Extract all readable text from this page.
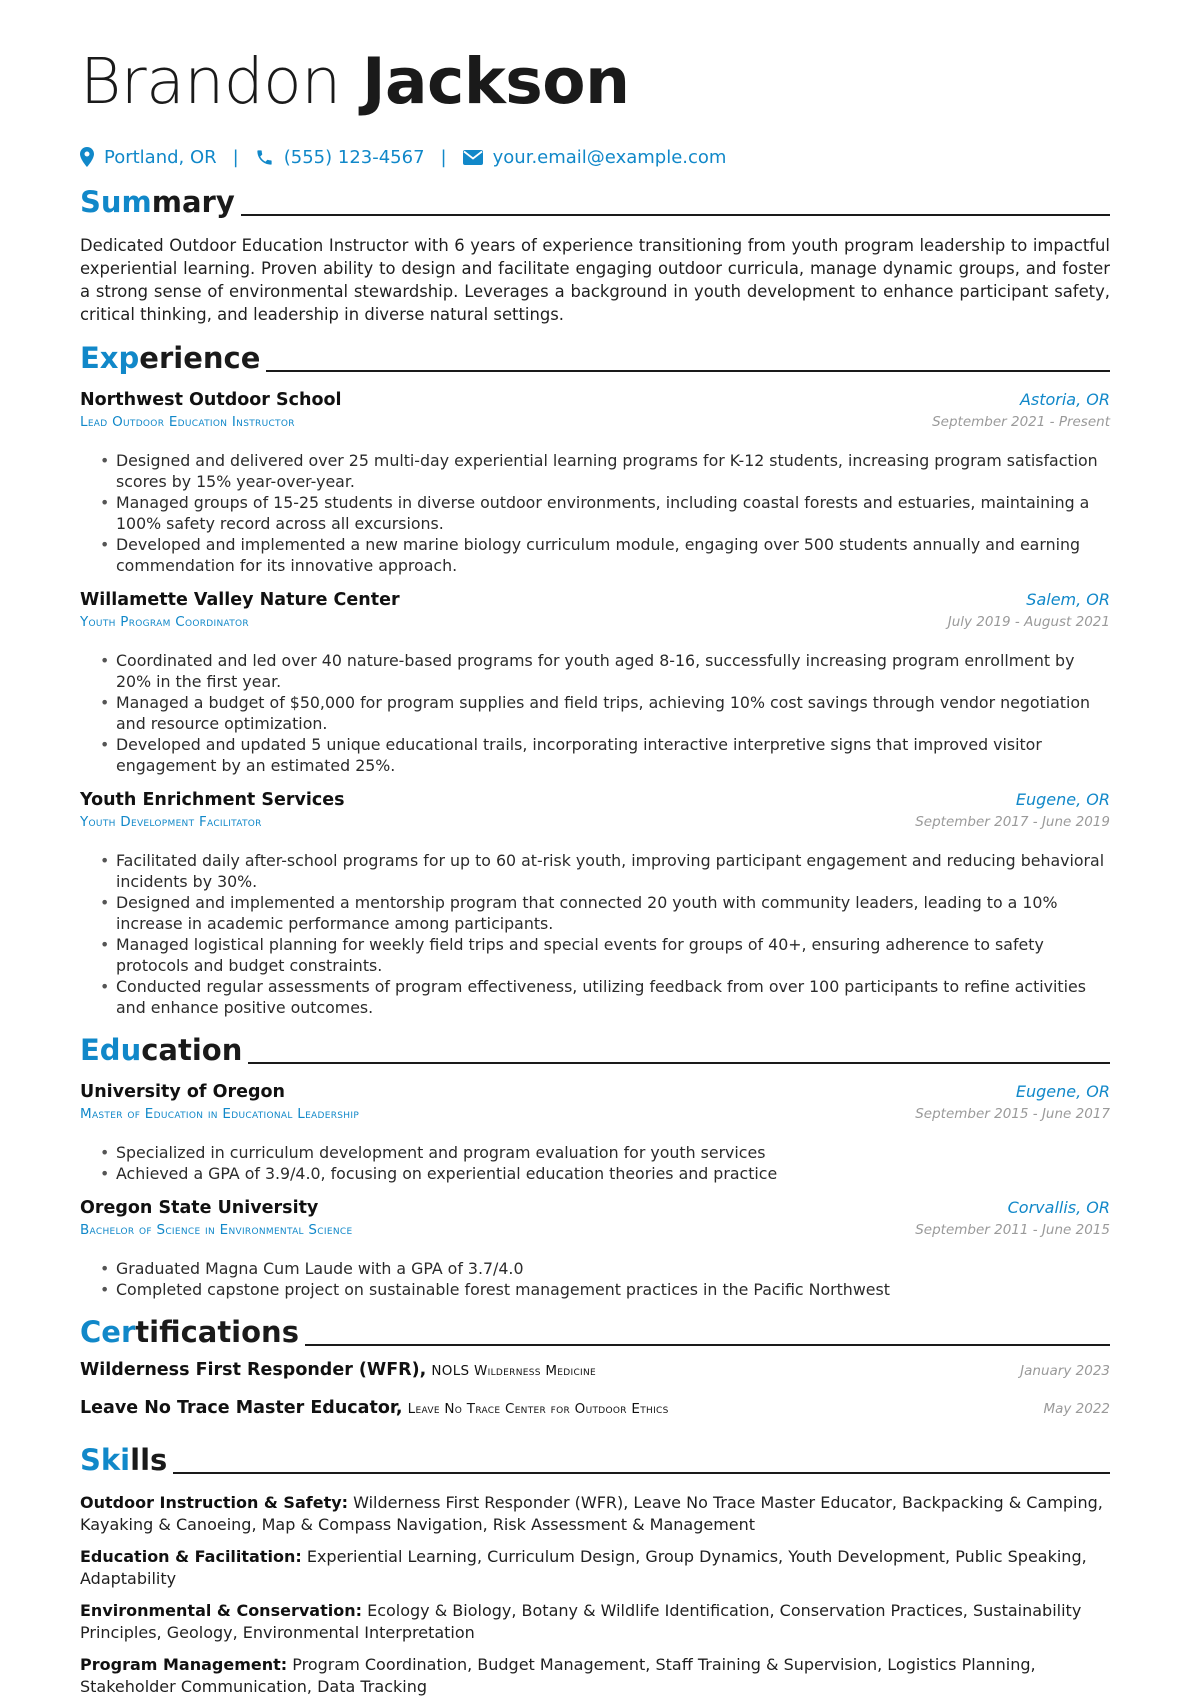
Brandon Jackson
Portland, OR |	(555) 123-4567 |	your.email@example.com
Summary
Dedicated Outdoor Education Instructor with 6 years of experience transitioning from youth program leadership to impactful experiential learning. Proven ability to design and facilitate engaging outdoor curricula, manage dynamic groups, and foster a strong sense of environmental stewardship. Leverages a background in youth development to enhance participant safety, critical thinking, and leadership in diverse natural settings.
Experience
Northwest Outdoor School	Astoria, OR
Lead Outdoor Education Instructor	September 2021 - Present
• Designed and delivered over 25 multi-day experiential learning programs for K-12 students, increasing program satisfaction scores by 15% year-over-year.
• Managed groups of 15-25 students in diverse outdoor environments, including coastal forests and estuaries, maintaining a 100% safety record across all excursions.
• Developed and implemented a new marine biology curriculum module, engaging over 500 students annually and earning commendation for its innovative approach.
Willamette Valley Nature Center	Salem, OR
Youth Program Coordinator	July 2019 - August 2021
• Coordinated and led over 40 nature-based programs for youth aged 8-16, successfully increasing program enrollment by 20% in the first year.
• Managed a budget of $50,000 for program supplies and field trips, achieving 10% cost savings through vendor negotiation and resource optimization.
• Developed and updated 5 unique educational trails, incorporating interactive interpretive signs that improved visitor engagement by an estimated 25%.
Youth Enrichment Services	Eugene, OR
Youth Development Facilitator	September 2017 - June 2019
• Facilitated daily after-school programs for up to 60 at-risk youth, improving participant engagement and reducing behavioral incidents by 30%.
• Designed and implemented a mentorship program that connected 20 youth with community leaders, leading to a 10% increase in academic performance among participants.
• Managed logistical planning for weekly field trips and special events for groups of 40+, ensuring adherence to safety protocols and budget constraints.
• Conducted regular assessments of program effectiveness, utilizing feedback from over 100 participants to refine activities and enhance positive outcomes.
Education
University of Oregon	Eugene, OR
Master of Education in Educational Leadership	September 2015 - June 2017
• Specialized in curriculum development and program evaluation for youth services
• Achieved a GPA of 3.9/4.0, focusing on experiential education theories and practice
Oregon State University	Corvallis, OR
Bachelor of Science in Environmental Science	September 2011 - June 2015
• Graduated Magna Cum Laude with a GPA of 3.7/4.0
• Completed capstone project on sustainable forest management practices in the Pacific Northwest
Certifications
Wilderness First Responder (WFR), NOLS Wilderness Medicine	January 2023
Leave No Trace Master Educator, Leave No Trace Center for Outdoor Ethics	May 2022
Skills
Outdoor Instruction & Safety: Wilderness First Responder (WFR), Leave No Trace Master Educator, Backpacking & Camping, Kayaking & Canoeing, Map & Compass Navigation, Risk Assessment & Management
Education & Facilitation: Experiential Learning, Curriculum Design, Group Dynamics, Youth Development, Public Speaking, Adaptability
Environmental & Conservation: Ecology & Biology, Botany & Wildlife Identification, Conservation Practices, Sustainability Principles, Geology, Environmental Interpretation
Program Management: Program Coordination, Budget Management, Staff Training & Supervision, Logistics Planning, Stakeholder Communication, Data Tracking
